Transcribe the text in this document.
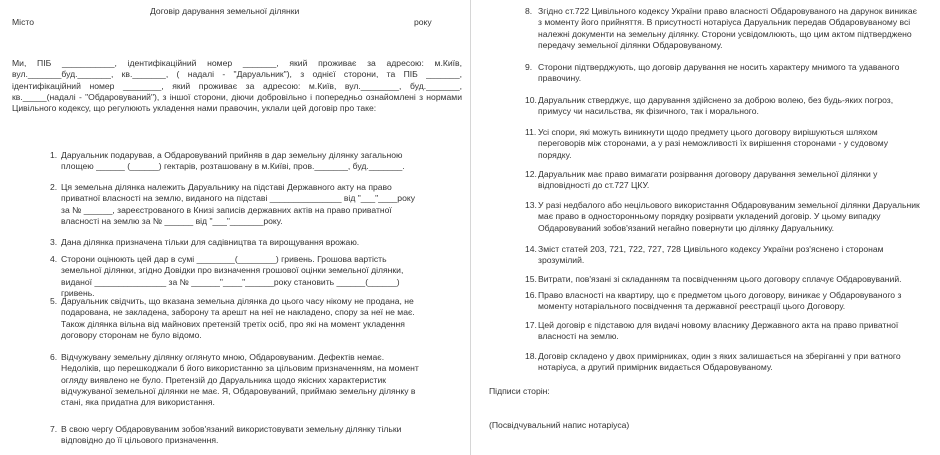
Договір дарування земельної ділянки
Місто	року
Ми, ПІБ ___________, ідентифікаційний номер _______, який проживає за адресою: м.Київ, вул._______буд._______, кв._______, ( надалі - "Даруальник"), з однієї сторони, та ПІБ _______, ідентифікаційний номер ________, який проживає за адресою: м.Київ, вул.________, буд._______, кв._____(надалі - "Обдаровуваний"), з іншої сторони, діючи добровільно і попередньо ознайомлені з нормами Цивільного кодексу, що регулюють укладення нами правочин, уклали цей договір про таке:
1. Даруальник подарував, а Обдаровуваний прийняв в дар земельну ділянку загальною площею ______ (______) гектарів, розташовану в м.Київі, пров._______, буд._______.
2. Ця земельна ділянка належить Даруальнику на підставі Державного акту на право приватної власності на землю, виданого на підставі _______________ від "___"____року за № ______, зареєстрованого в Книзі записів державних актів на право приватної власності на землю за № ______ від "___"_______року.
3. Дана ділянка призначена тільки для садівництва та вирощування врожаю.
4. Сторони оцінюють цей дар в сумі ________(________) гривень. Грошова вартість земельної ділянки, згідно Довідки про визначення грошової оцінки земельної ділянки, виданої _______________ за № ______"____"______року становить ______(______) гривень.
5. Даруальник свідчить, що вказана земельна ділянка до цього часу нікому не продана, не подарована, не закладена, заборону та арешт на неї не накладено, спору за неї не має. Також ділянка вільна від майнових претензій третіх осіб, про які на момент укладення договору сторонам не було відомо.
6. Відчужувану земельну ділянку оглянуто мною, Обдаровуваним. Дефектів немає. Недоліків, що перешкоджали б його використанню за цільовим призначенням, на момент огляду виявлено не було. Претензій до Даруальника щодо якісних характеристик відчужуваної земельної ділянки не має. Я, Обдаровуваний, приймаю земельну ділянку в стані, яка придатна для використання.
7. В свою чергу Обдаровуваним зобов'язаний використовувати земельну ділянку тільки відповідно до її цільового призначення.
8. Згідно ст.722 Цивільного кодексу України право власності Обдаровуваного на дарунок виникає з моменту його прийняття. В присутності нотаріуса Даруальник передав Обдаровуваному всі належні документи на земельну ділянку. Сторони усвідомлюють, що цим актом підтверджено передачу земельної ділянки Обдаровуваному.
9. Сторони підтверджують, що договір дарування не носить характеру мнимого та удаваного правочину.
10. Даруальник стверджує, що дарування здійснено за доброю волею, без будь-яких погроз, примусу чи насильства, як фізичного, так і морального.
11. Усі спори, які можуть виникнути щодо предмету цього договору вирішуються шляхом переговорів між сторонами, а у разі неможливості їх вирішення сторонами - у судовому порядку.
12. Даруальник має право вимагати розірвання договору дарування земельної ділянки у відповідності до ст.727 ЦКУ.
13. У разі недбалого або нецільового використання Обдаровуваним земельної ділянки Даруальник має право в односторонньому порядку розірвати укладений договір. У цьому випадку Обдаровуваний зобов'язаний негайно повернути цю ділянку Даруальнику.
14. Зміст статей 203, 721, 722, 727, 728 Цивільного кодексу України роз'яснено і сторонам зрозумілий.
15. Витрати, пов'язані зі складанням та посвідченням цього договору сплачує Обдаровуваний.
16. Право власності на квартиру, що є предметом цього договору, виникає у Обдаровуваного з моменту нотаріального посвідчення та державної реєстрації цього Договору.
17. Цей договір є підставою для видачі новому власнику Державного акта на право приватної власності на землю.
18. Договір складено у двох примірниках, один з яких залишається на зберіганні у при ватного нотаріуса, а другий примірник видається Обдаровуваному.
Підписи сторін:
(Посвідчувальний напис нотаріуса)
